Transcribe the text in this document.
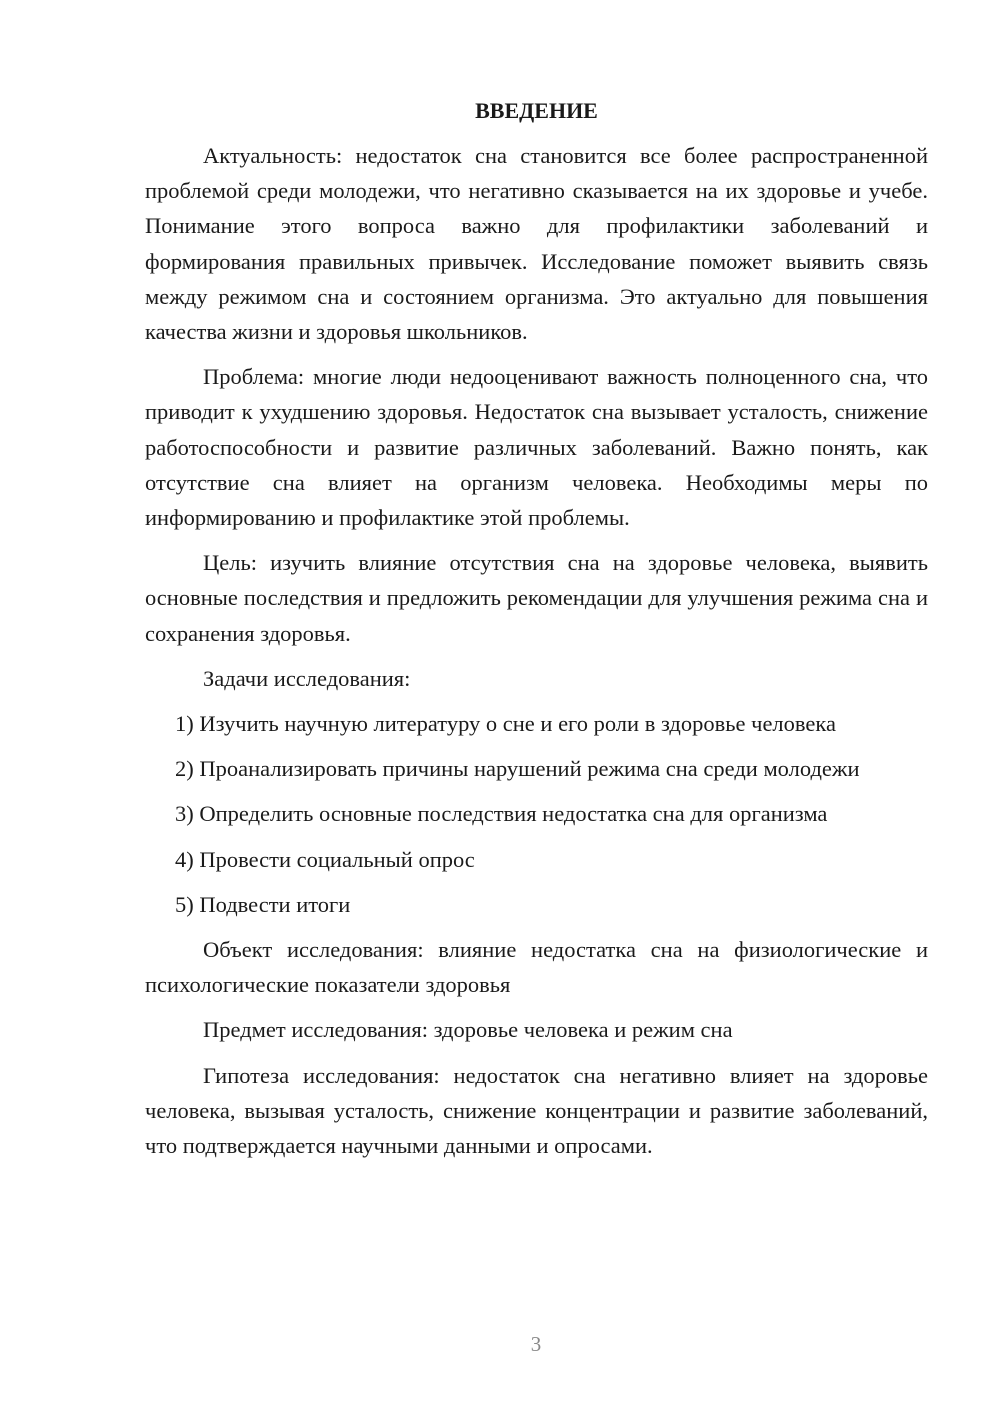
ВВЕДЕНИЕ

Актуальность: недостаток сна становится все более распространенной проблемой среди молодежи, что негативно сказывается на их здоровье и учебе. Понимание этого вопроса важно для профилактики заболеваний и формирования правильных привычек. Исследование поможет выявить связь между режимом сна и состоянием организма. Это актуально для повышения качества жизни и здоровья школьников.

Проблема: многие люди недооценивают важность полноценного сна, что приводит к ухудшению здоровья. Недостаток сна вызывает усталость, снижение работоспособности и развитие различных заболеваний. Важно понять, как отсутствие сна влияет на организм человека. Необходимы меры по информированию и профилактике этой проблемы.

Цель: изучить влияние отсутствия сна на здоровье человека, выявить основные последствия и предложить рекомендации для улучшения режима сна и сохранения здоровья.

Задачи исследования:

1) Изучить научную литературу о сне и его роли в здоровье человека

2) Проанализировать причины нарушений режима сна среди молодежи

3) Определить основные последствия недостатка сна для организма

4) Провести социальный опрос

5) Подвести итоги

Объект исследования: влияние недостатка сна на физиологические и психологические показатели здоровья

Предмет исследования: здоровье человека и режим сна

Гипотеза исследования: недостаток сна негативно влияет на здоровье человека, вызывая усталость, снижение концентрации и развитие заболеваний, что подтверждается научными данными и опросами.

3
